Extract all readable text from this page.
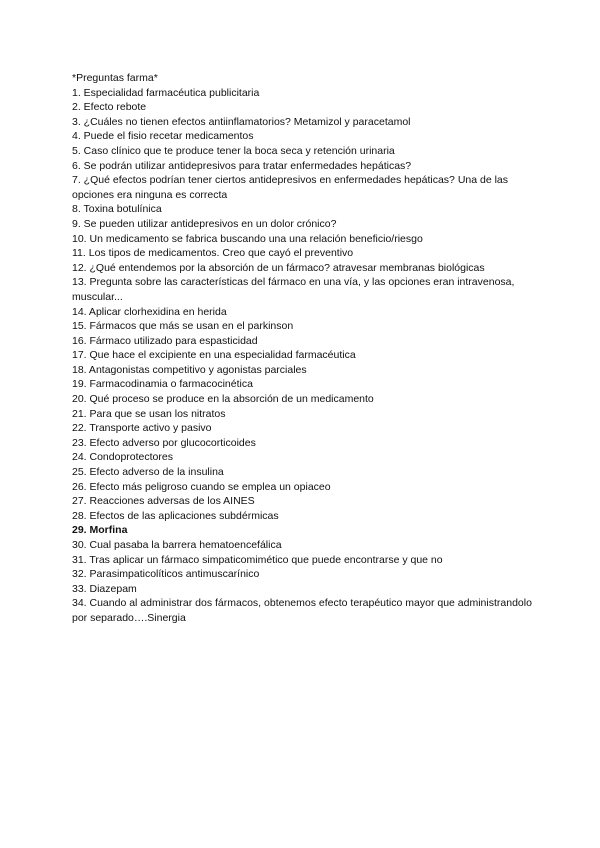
*Preguntas farma*

1. Especialidad farmacéutica publicitaria

2. Efecto rebote

3. ¿Cuáles no tienen efectos antiinflamatorios? Metamizol y paracetamol

4. Puede el fisio recetar medicamentos

5. Caso clínico que te produce tener la boca seca y retención urinaria

6. Se podrán utilizar antidepresivos para tratar enfermedades hepáticas?

7. ¿Qué efectos podrían tener ciertos antidepresivos en enfermedades hepáticas? Una de las opciones era ninguna es correcta

8. Toxina botulínica

9. Se pueden utilizar antidepresivos en un dolor crónico?

10. Un medicamento se fabrica buscando una una relación beneficio/riesgo

11. Los tipos de medicamentos. Creo que cayó el preventivo

12. ¿Qué entendemos por la absorción de un fármaco? atravesar membranas biológicas

13. Pregunta sobre las características del fármaco en una vía, y las opciones eran intravenosa, muscular...

14. Aplicar clorhexidina en herida

15. Fármacos que más se usan en el parkinson

16. Fármaco utilizado para espasticidad

17. Que hace el excipiente en una especialidad farmacéutica

18. Antagonistas competitivo y agonistas parciales

19. Farmacodinamia o farmacocinética

20. Qué proceso se produce en la absorción de un medicamento

21. Para que se usan los nitratos

22. Transporte activo y pasivo

23. Efecto adverso por glucocorticoides

24. Condoprotectores

25. Efecto adverso de la insulina

26. Efecto más peligroso cuando se emplea un opiaceo

27. Reacciones adversas de los AINES

28. Efectos de las aplicaciones subdérmicas

29. Morfina

30. Cual pasaba la barrera hematoencefálica

31. Tras aplicar un fármaco simpaticomimético que puede encontrarse y que no

32. Parasimpaticolíticos antimuscarínico

33. Diazepam

34. Cuando al administrar dos fármacos, obtenemos efecto terapéutico mayor que administrandolo por separado….Sinergia
